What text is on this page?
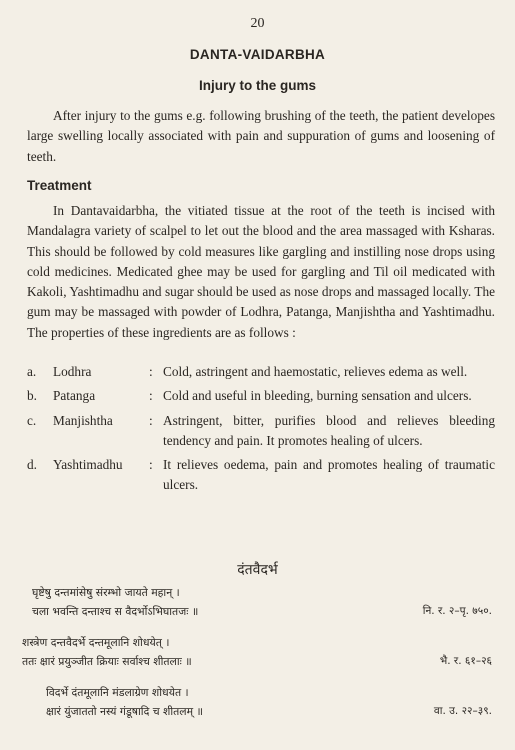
20
DANTA-VAIDARBHA
Injury to the gums
After injury to the gums e.g. following brushing of the teeth, the patient developes large swelling locally associated with pain and suppuration of gums and loosening of teeth.
Treatment
In Dantavaidarbha, the vitiated tissue at the root of the teeth is incised with Mandalagra variety of scalpel to let out the blood and the area massaged with Ksharas. This should be followed by cold measures like gargling and instilling nose drops using cold medicines. Medicated ghee may be used for gargling and Til oil medicated with Kakoli, Yashtimadhu and sugar should be used as nose drops and massaged locally. The gum may be massaged with powder of Lodhra, Patanga, Manjishtha and Yashtimadhu. The properties of these ingredients are as follows :
a.	Lodhra	: Cold, astringent and haemostatic, relieves edema as well.
b.	Patanga	: Cold and useful in bleeding, burning sensation and ulcers.
c.	Manjishtha	: Astringent, bitter, purifies blood and relieves bleeding tendency and pain. It promotes healing of ulcers.
d.	Yashtimadhu	: It relieves oedema, pain and promotes healing of traumatic ulcers.
दंतवैदर्भ
घृष्टेषु दन्तमांसेषु संरम्भो जायते महान् ।
चला भवन्ति दन्ताश्च स वैदर्भोऽभिघातजः ॥	नि. र. २–पृ. ७५०.
शस्त्रेण दन्तवैदर्भे दन्तमूलानि शोधयेत् ।
ततः क्षारं प्रयुञ्जीत क्रियाः सर्वाश्च शीतलाः ॥	भै. र. ६१–२६
विदर्भे दंतमूलानि मंडलाग्रेण शोधयेत ।
क्षारं युंजाततो नस्यं गंडूषादि च शीतलम् ॥	वा. उ. २२–३९.
